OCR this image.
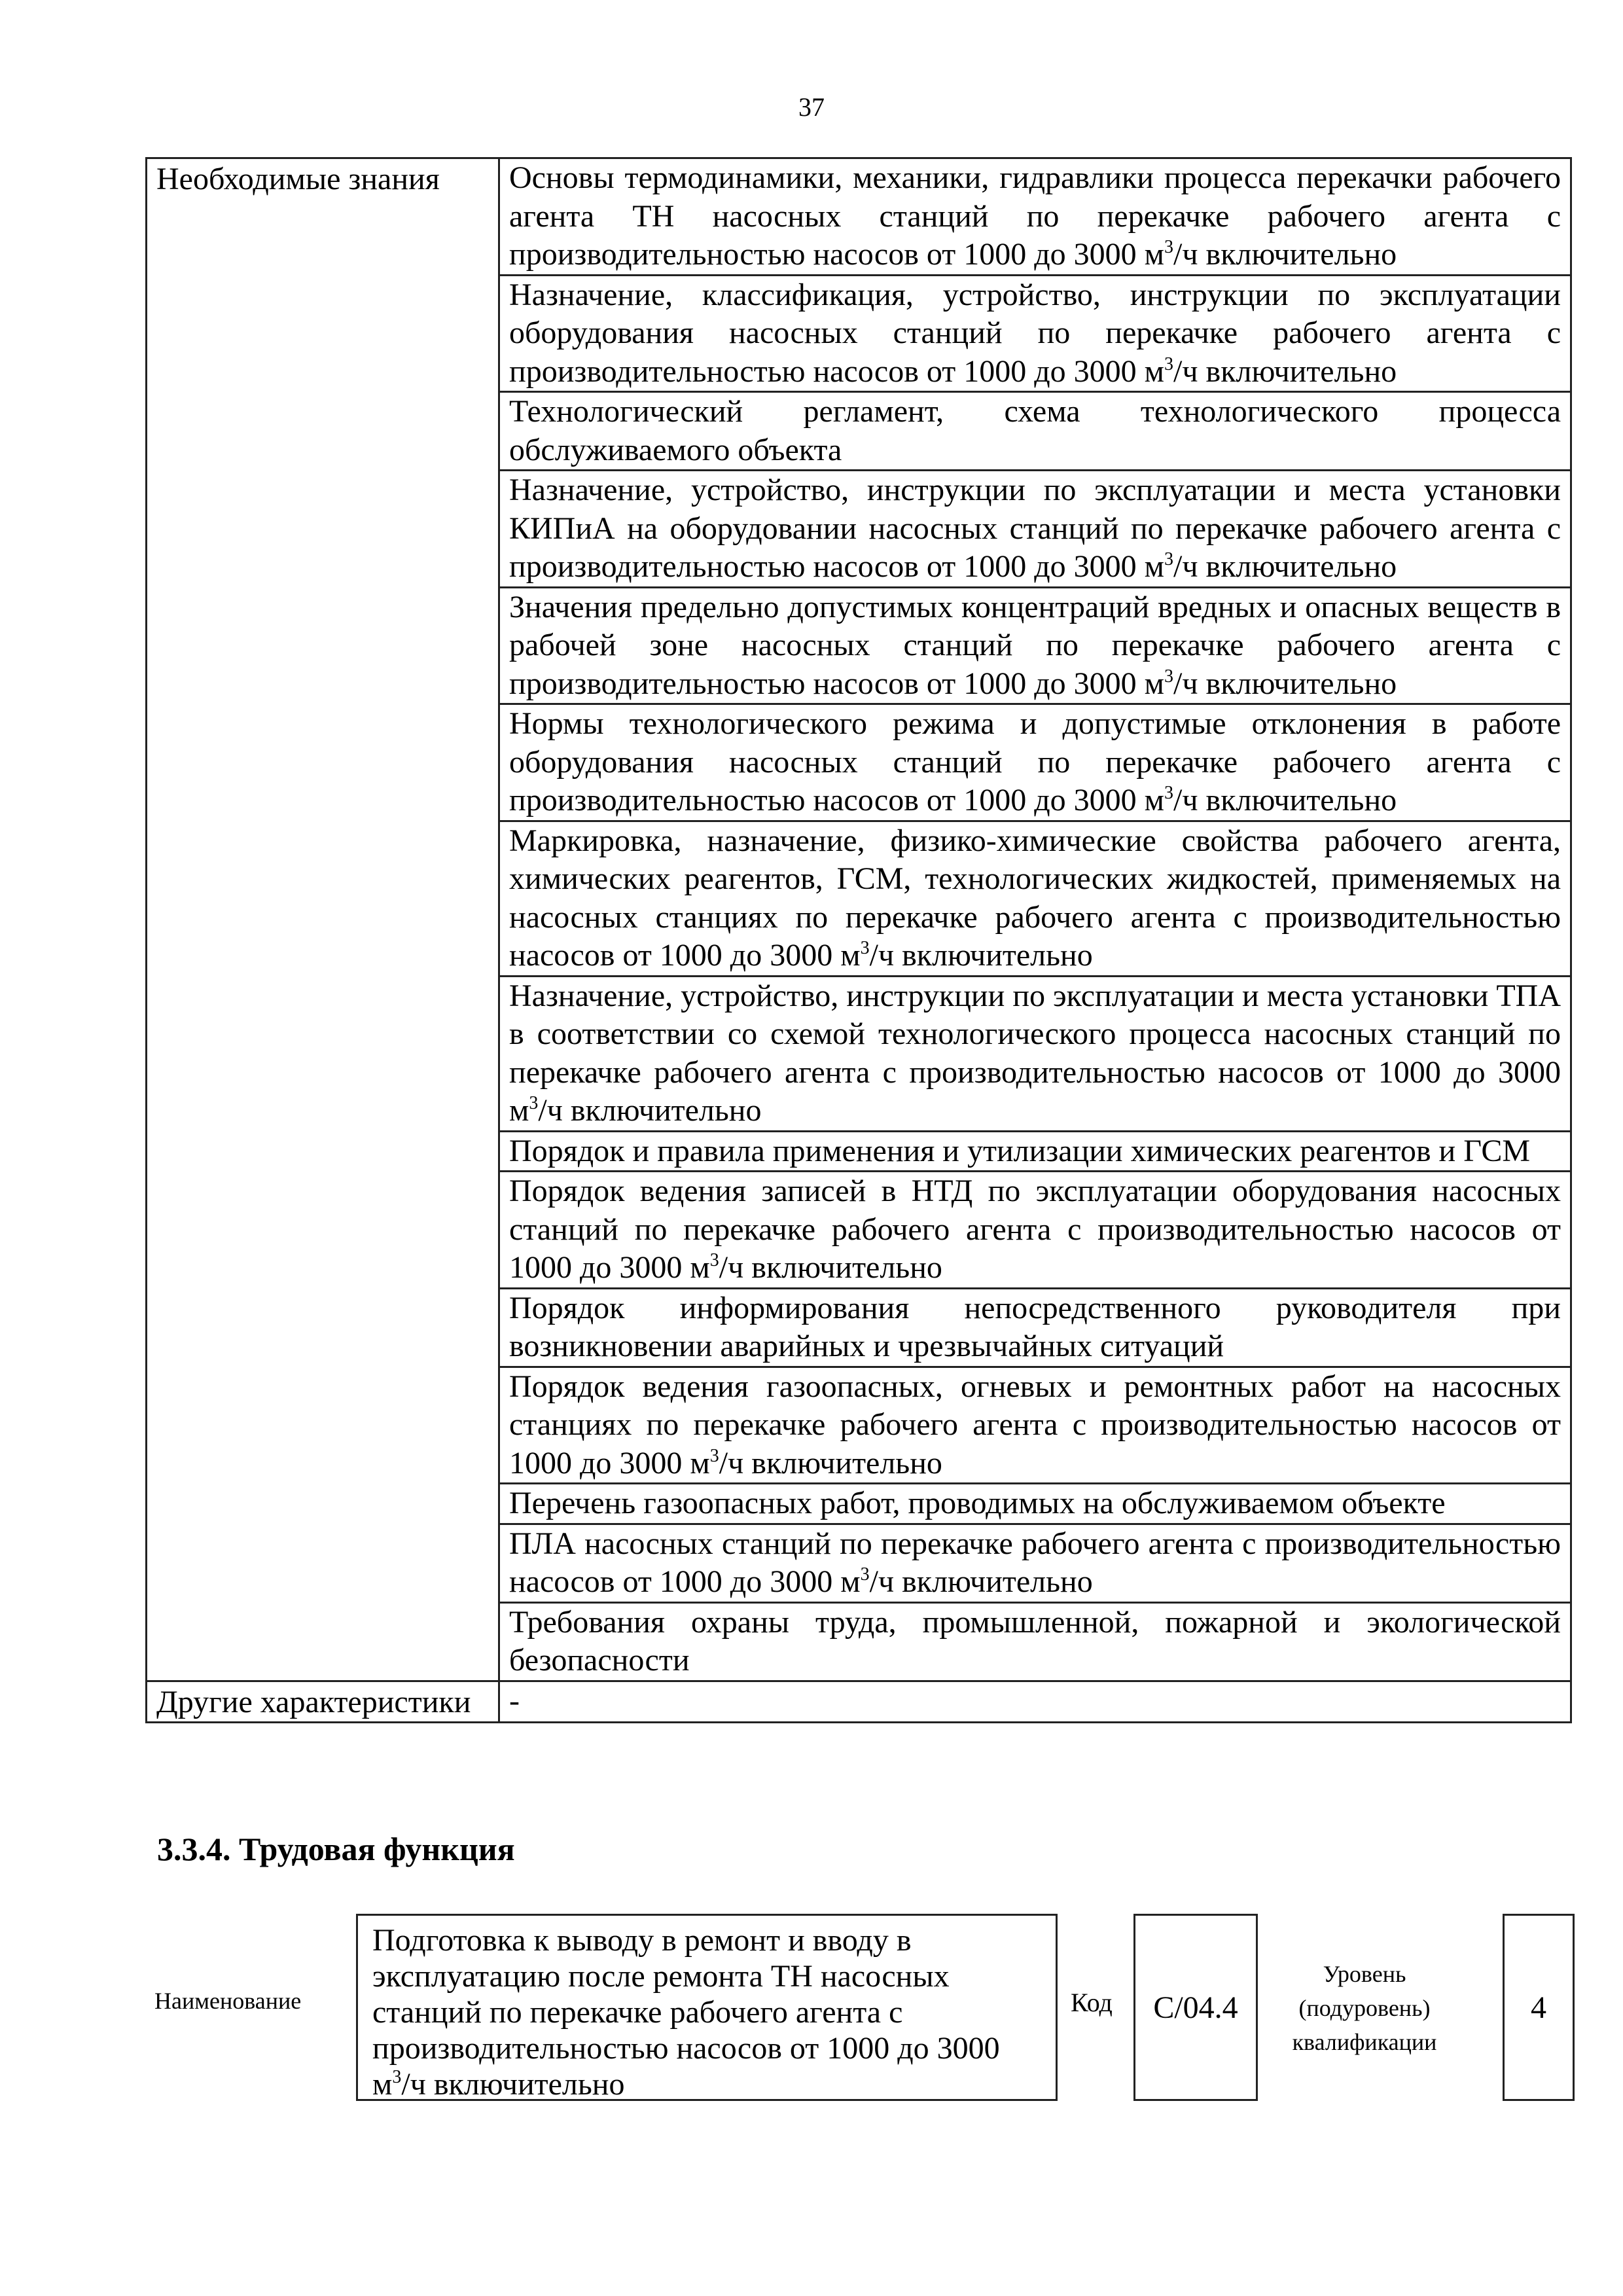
37
Необходимые знания	Основы термодинамики, механики, гидравлики процесса перекачки рабочего агента ТН насосных станций по перекачке рабочего агента с производительностью насосов от 1000 до 3000 $м^3/ч$ включительно
	Назначение, классификация, устройство, инструкции по эксплуатации оборудования насосных станций по перекачке рабочего агента с производительностью насосов от 1000 до 3000 $м^3/ч$ включительно
	Технологический регламент, схема технологического процесса обслуживаемого объекта
	Назначение, устройство, инструкции по эксплуатации и места установки КИПиА на оборудовании насосных станций по перекачке рабочего агента с производительностью насосов от 1000 до 3000 $м^3/ч$ включительно
	Значения предельно допустимых концентраций вредных и опасных веществ в рабочей зоне насосных станций по перекачке рабочего агента с производительностью насосов от 1000 до 3000 $м^3/ч$ включительно
	Нормы технологического режима и допустимые отклонения в работе оборудования насосных станций по перекачке рабочего агента с производительностью насосов от 1000 до 3000 $м^3/ч$ включительно
	Маркировка, назначение, физико-химические свойства рабочего агента, химических реагентов, ГСМ, технологических жидкостей, применяемых на насосных станциях по перекачке рабочего агента с производительностью насосов от 1000 до 3000 $м^3/ч$ включительно
	Назначение, устройство, инструкции по эксплуатации и места установки ТПА в соответствии со схемой технологического процесса насосных станций по перекачке рабочего агента с производительностью насосов от 1000 до 3000 $м^3/ч$ включительно
	Порядок и правила применения и утилизации химических реагентов и ГСМ
	Порядок ведения записей в НТД по эксплуатации оборудования насосных станций по перекачке рабочего агента с производительностью насосов от 1000 до 3000 $м^3/ч$ включительно
	Порядок информирования непосредственного руководителя при возникновении аварийных и чрезвычайных ситуаций
	Порядок ведения газоопасных, огневых и ремонтных работ на насосных станциях по перекачке рабочего агента с производительностью насосов от 1000 до 3000 $м^3/ч$ включительно
	Перечень газоопасных работ, проводимых на обслуживаемом объекте
	ПЛА насосных станций по перекачке рабочего агента с производительностью насосов от 1000 до 3000 $м^3/ч$ включительно
	Требования охраны труда, промышленной, пожарной и экологической безопасности
Другие характеристики	-
3.3.4. Трудовая функция
Наименование
Подготовка к выводу в ремонт и вводу в эксплуатацию после ремонта ТН насосных станций по перекачке рабочего агента с производительностью насосов от 1000 до 3000 $м^3/ч$ включительно
Код C/04.4
Уровень (подуровень) квалификации
4
